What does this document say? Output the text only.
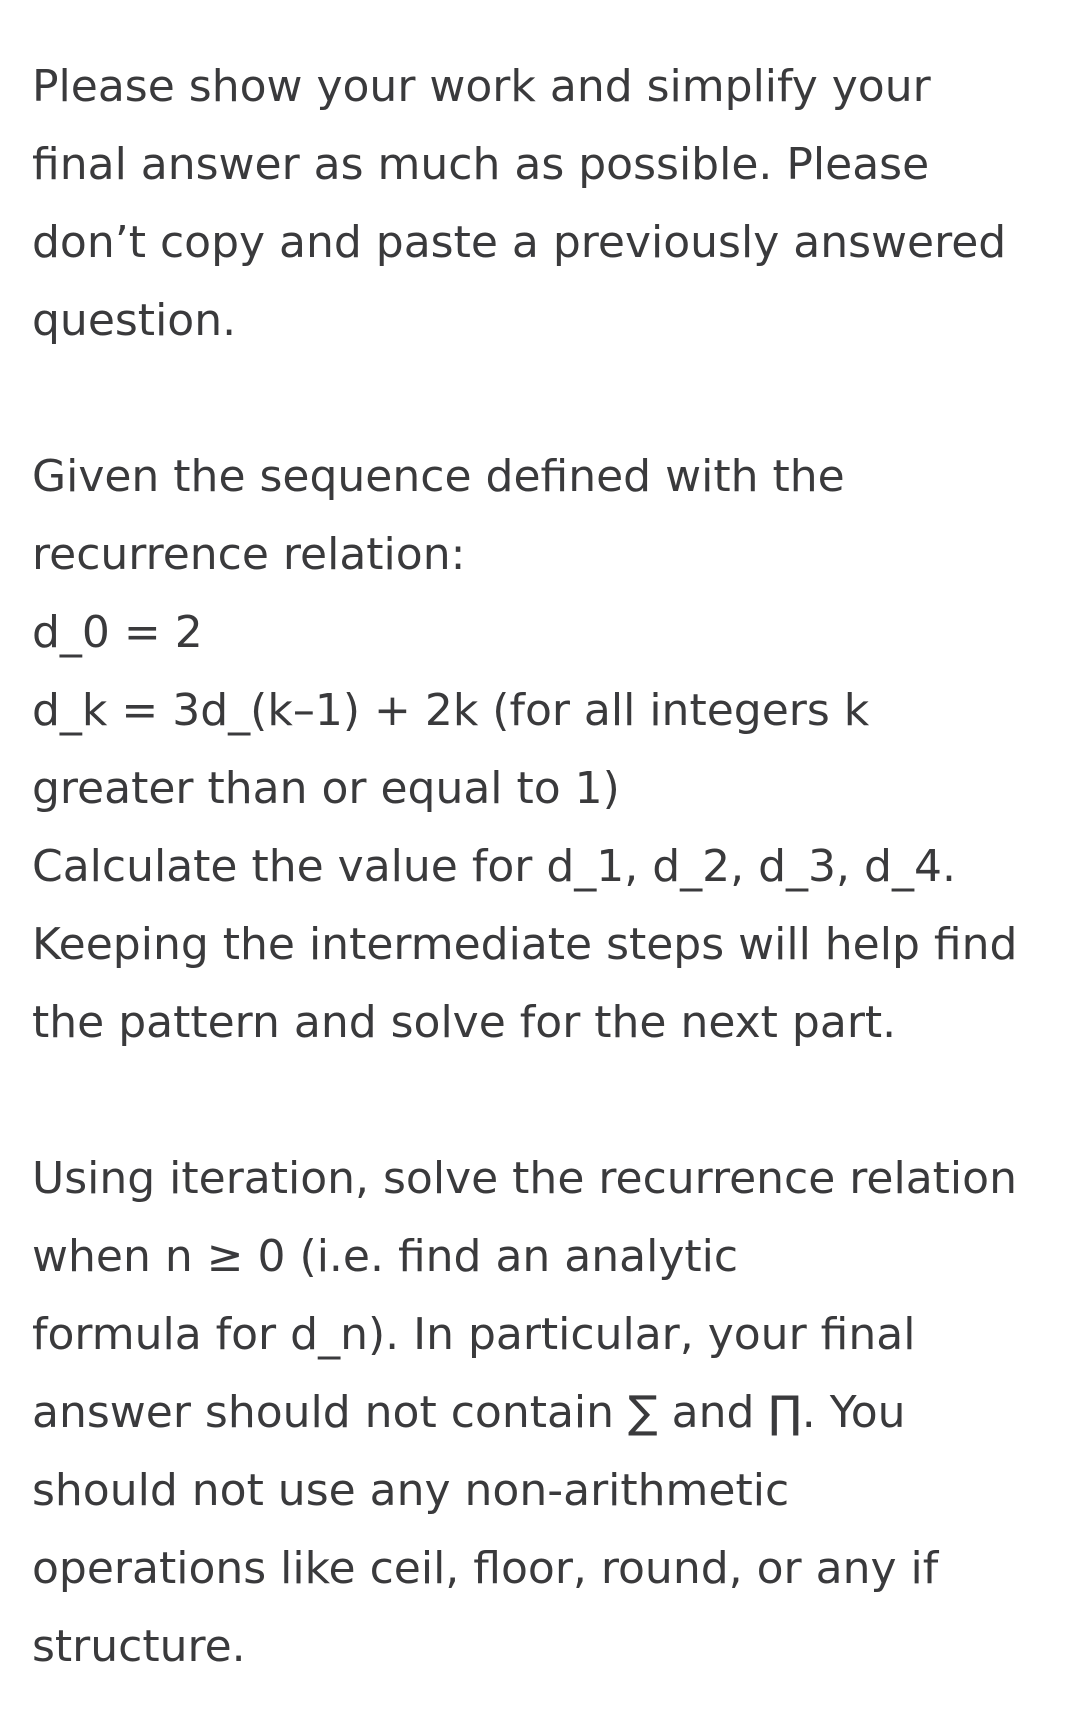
Please show your work and simplify your
final answer as much as possible. Please
don’t copy and paste a previously answered
question.
Given the sequence defined with the
recurrence relation:
d_0 = 2
d_k = 3d_(k–1) + 2k (for all integers k
greater than or equal to 1)
Calculate the value for d_1, d_2, d_3, d_4.
Keeping the intermediate steps will help find
the pattern and solve for the next part.
Using iteration, solve the recurrence relation
when n ≥ 0 (i.e. find an analytic
formula for d_n). In particular, your final
answer should not contain ∑ and ∏. You
should not use any non-arithmetic
operations like ceil, floor, round, or any if
structure.
